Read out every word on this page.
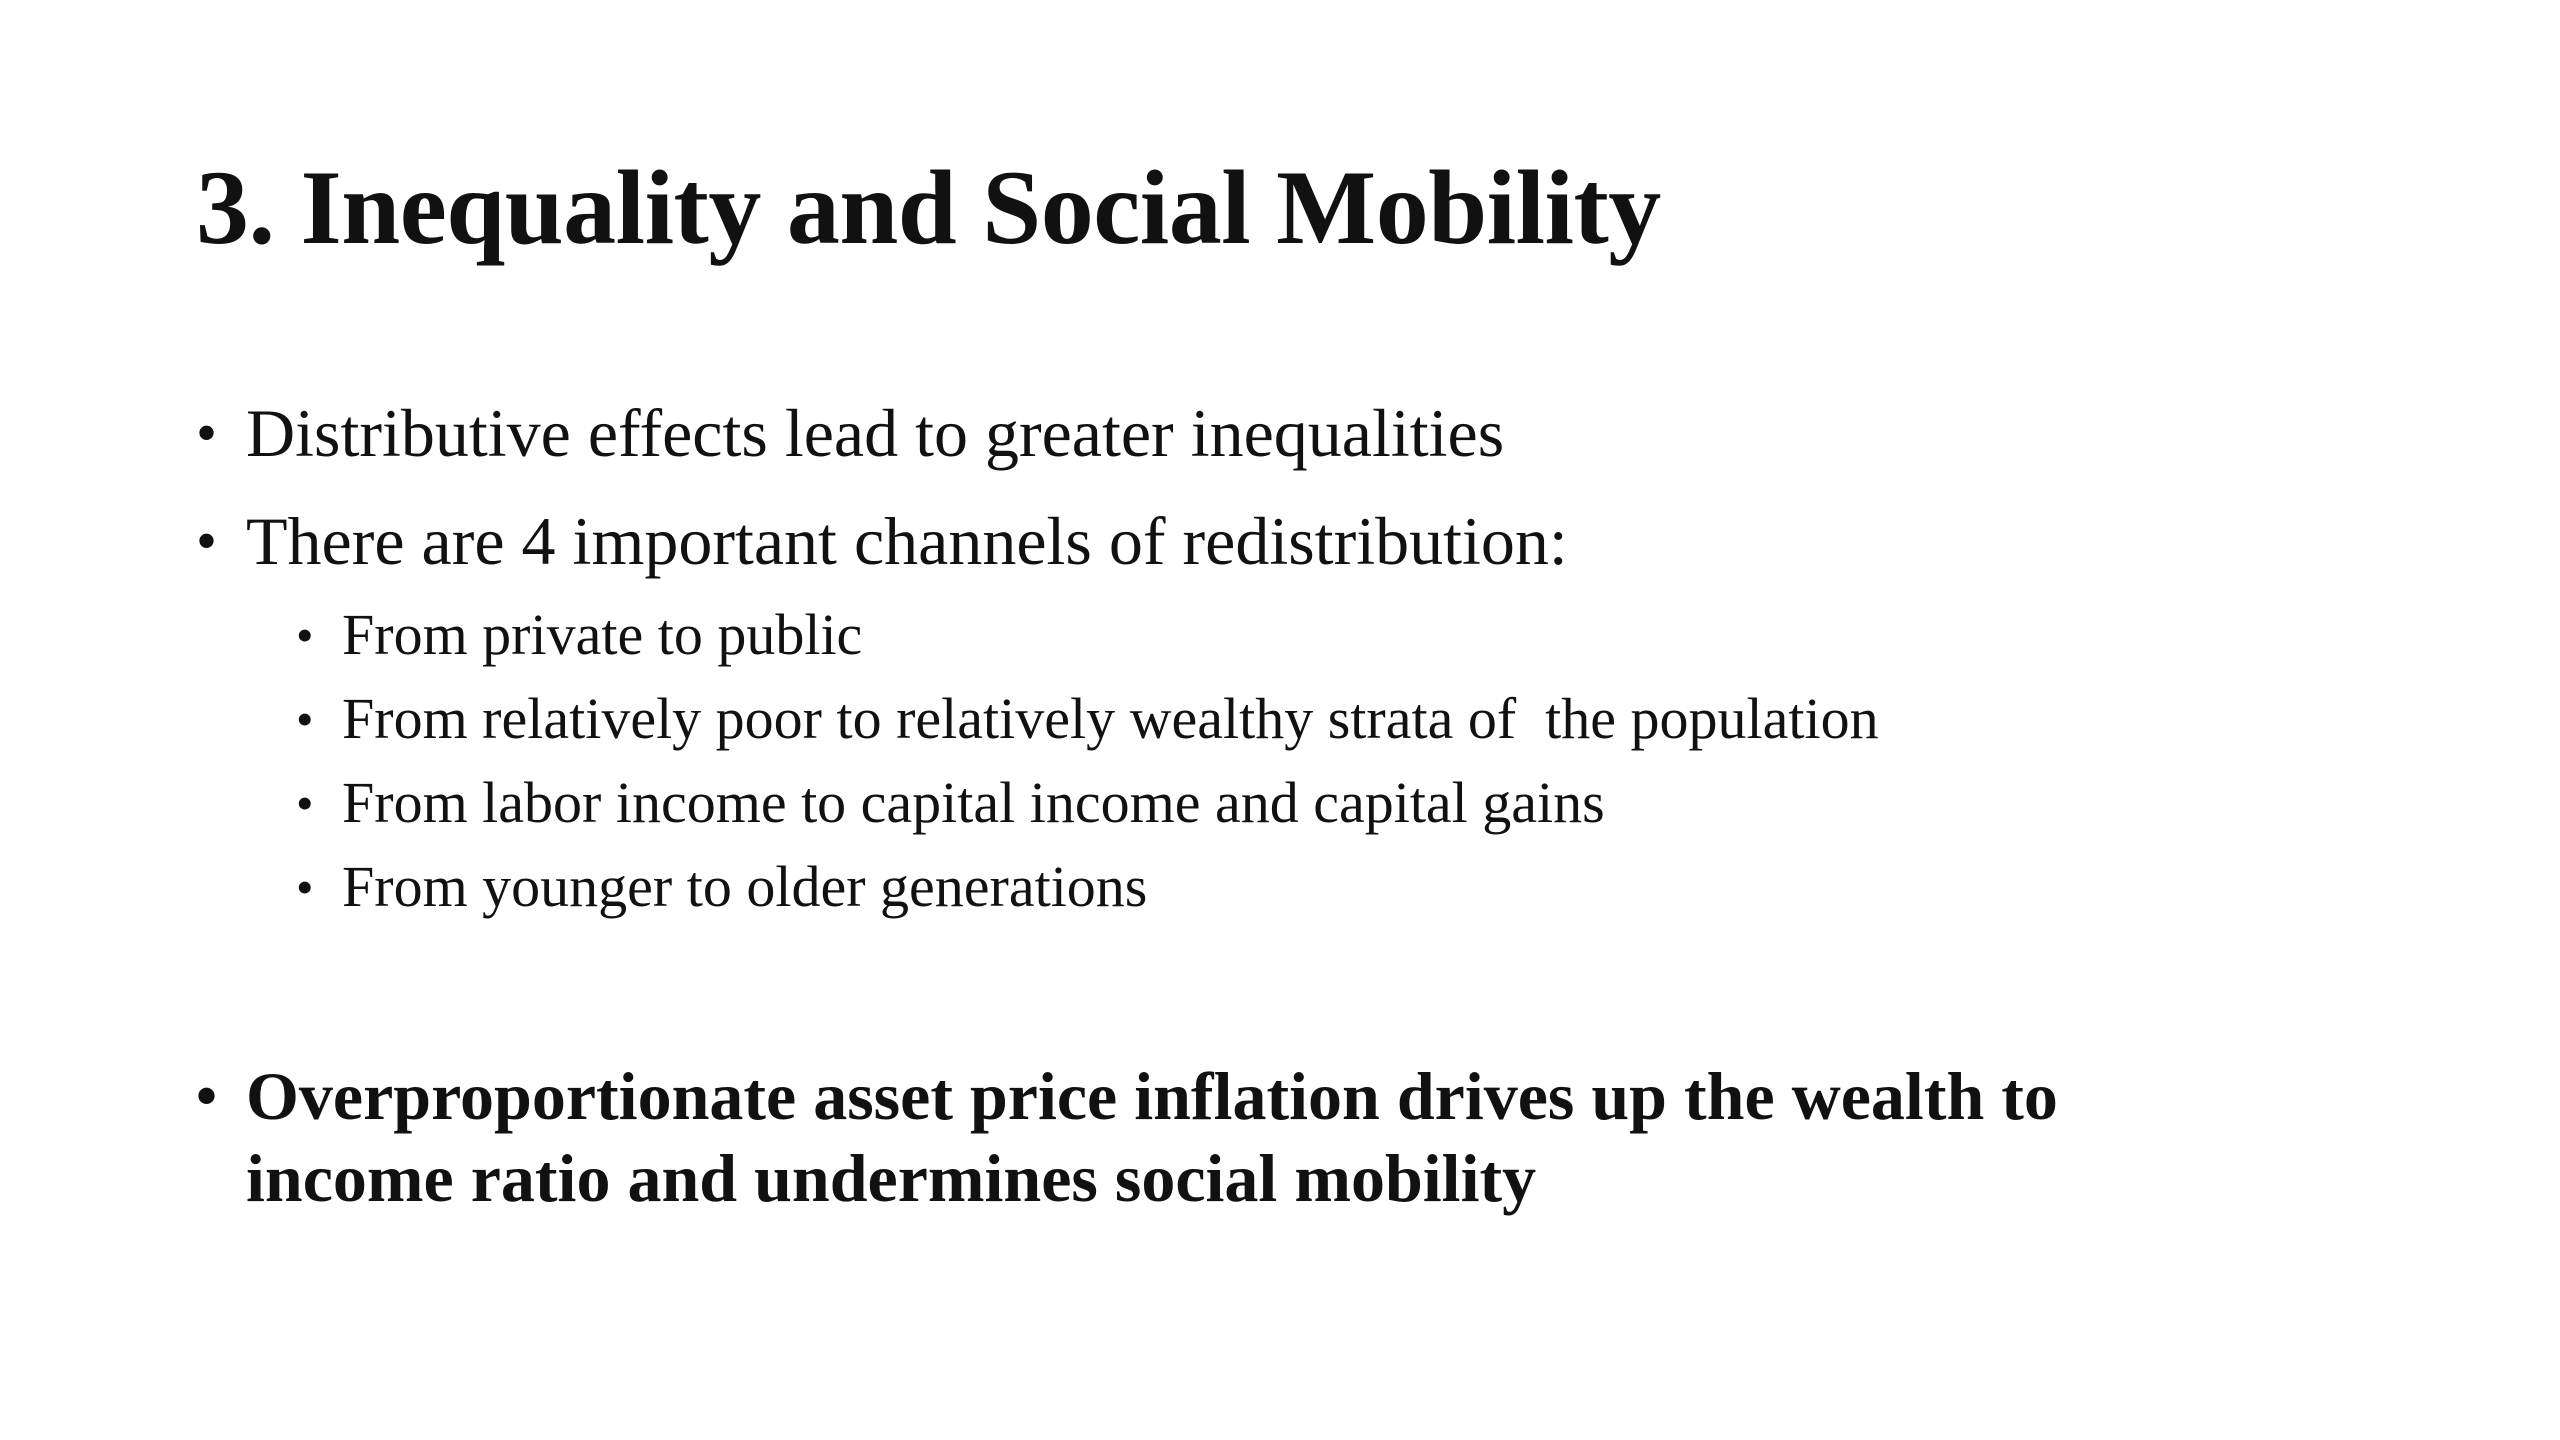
3. Inequality and Social Mobility

• Distributive effects lead to greater inequalities

• There are 4 important channels of redistribution:

• From private to public

• From relatively poor to relatively wealthy strata of  the population

• From labor income to capital income and capital gains

• From younger to older generations

• Overproportionate asset price inflation drives up the wealth to
income ratio and undermines social mobility
